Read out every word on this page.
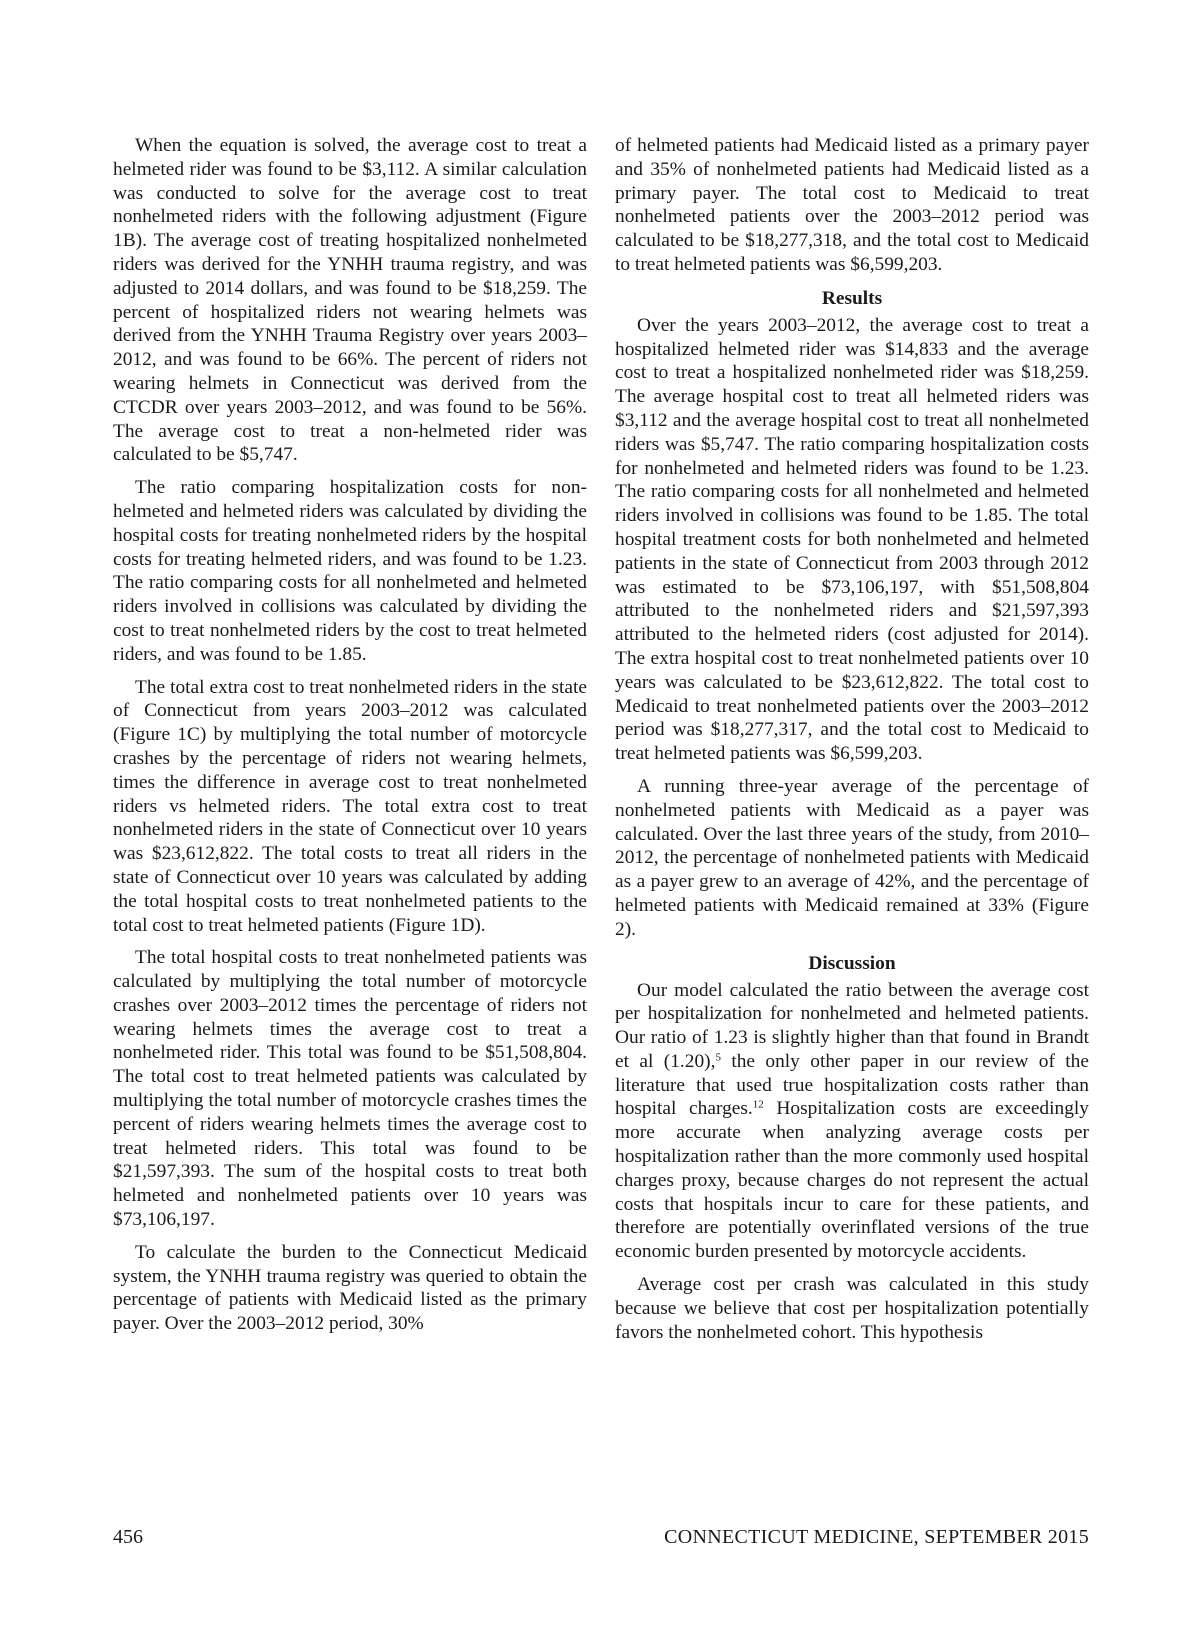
When the equation is solved, the average cost to treat a helmeted rider was found to be $3,112. A similar calculation was conducted to solve for the average cost to treat nonhelmeted riders with the following adjustment (Figure 1B). The average cost of treating hospitalized nonhelmeted riders was derived for the YNHH trauma registry, and was adjusted to 2014 dollars, and was found to be $18,259. The percent of hospitalized riders not wearing helmets was derived from the YNHH Trauma Registry over years 2003–2012, and was found to be 66%. The percent of riders not wearing helmets in Connecticut was derived from the CTCDR over years 2003–2012, and was found to be 56%. The average cost to treat a non-helmeted rider was calculated to be $5,747.

The ratio comparing hospitalization costs for nonhelmeted and helmeted riders was calculated by dividing the hospital costs for treating nonhelmeted riders by the hospital costs for treating helmeted riders, and was found to be 1.23. The ratio comparing costs for all nonhelmeted and helmeted riders involved in collisions was calculated by dividing the cost to treat nonhelmeted riders by the cost to treat helmeted riders, and was found to be 1.85.

The total extra cost to treat nonhelmeted riders in the state of Connecticut from years 2003–2012 was calculated (Figure 1C) by multiplying the total number of motorcycle crashes by the percentage of riders not wearing helmets, times the difference in average cost to treat nonhelmeted riders vs helmeted riders. The total extra cost to treat nonhelmeted riders in the state of Connecticut over 10 years was $23,612,822. The total costs to treat all riders in the state of Connecticut over 10 years was calculated by adding the total hospital costs to treat nonhelmeted patients to the total cost to treat helmeted patients (Figure 1D).

The total hospital costs to treat nonhelmeted patients was calculated by multiplying the total number of motorcycle crashes over 2003–2012 times the percentage of riders not wearing helmets times the average cost to treat a nonhelmeted rider. This total was found to be $51,508,804. The total cost to treat helmeted patients was calculated by multiplying the total number of motorcycle crashes times the percent of riders wearing helmets times the average cost to treat helmeted riders. This total was found to be $21,597,393. The sum of the hospital costs to treat both helmeted and nonhelmeted patients over 10 years was $73,106,197.

To calculate the burden to the Connecticut Medicaid system, the YNHH trauma registry was queried to obtain the percentage of patients with Medicaid listed as the primary payer. Over the 2003–2012 period, 30%

of helmeted patients had Medicaid listed as a primary payer and 35% of nonhelmeted patients had Medicaid listed as a primary payer. The total cost to Medicaid to treat nonhelmeted patients over the 2003–2012 period was calculated to be $18,277,318, and the total cost to Medicaid to treat helmeted patients was $6,599,203.

Results

Over the years 2003–2012, the average cost to treat a hospitalized helmeted rider was $14,833 and the average cost to treat a hospitalized nonhelmeted rider was $18,259. The average hospital cost to treat all helmeted riders was $3,112 and the average hospital cost to treat all nonhelmeted riders was $5,747. The ratio comparing hospitalization costs for nonhelmeted and helmeted riders was found to be 1.23. The ratio comparing costs for all nonhelmeted and helmeted riders involved in collisions was found to be 1.85. The total hospital treatment costs for both nonhelmeted and helmeted patients in the state of Connecticut from 2003 through 2012 was estimated to be $73,106,197, with $51,508,804 attributed to the nonhelmeted riders and $21,597,393 attributed to the helmeted riders (cost adjusted for 2014). The extra hospital cost to treat nonhelmeted patients over 10 years was calculated to be $23,612,822. The total cost to Medicaid to treat nonhelmeted patients over the 2003–2012 period was $18,277,317, and the total cost to Medicaid to treat helmeted patients was $6,599,203.

A running three-year average of the percentage of nonhelmeted patients with Medicaid as a payer was calculated. Over the last three years of the study, from 2010–2012, the percentage of nonhelmeted patients with Medicaid as a payer grew to an average of 42%, and the percentage of helmeted patients with Medicaid remained at 33% (Figure 2).

Discussion

Our model calculated the ratio between the average cost per hospitalization for nonhelmeted and helmeted patients. Our ratio of 1.23 is slightly higher than that found in Brandt et al (1.20),$^5$ the only other paper in our review of the literature that used true hospitalization costs rather than hospital charges.$^{12}$ Hospitalization costs are exceedingly more accurate when analyzing average costs per hospitalization rather than the more commonly used hospital charges proxy, because charges do not represent the actual costs that hospitals incur to care for these patients, and therefore are potentially overinflated versions of the true economic burden presented by motorcycle accidents.

Average cost per crash was calculated in this study because we believe that cost per hospitalization potentially favors the nonhelmeted cohort. This hypothesis

456	CONNECTICUT MEDICINE, SEPTEMBER 2015
